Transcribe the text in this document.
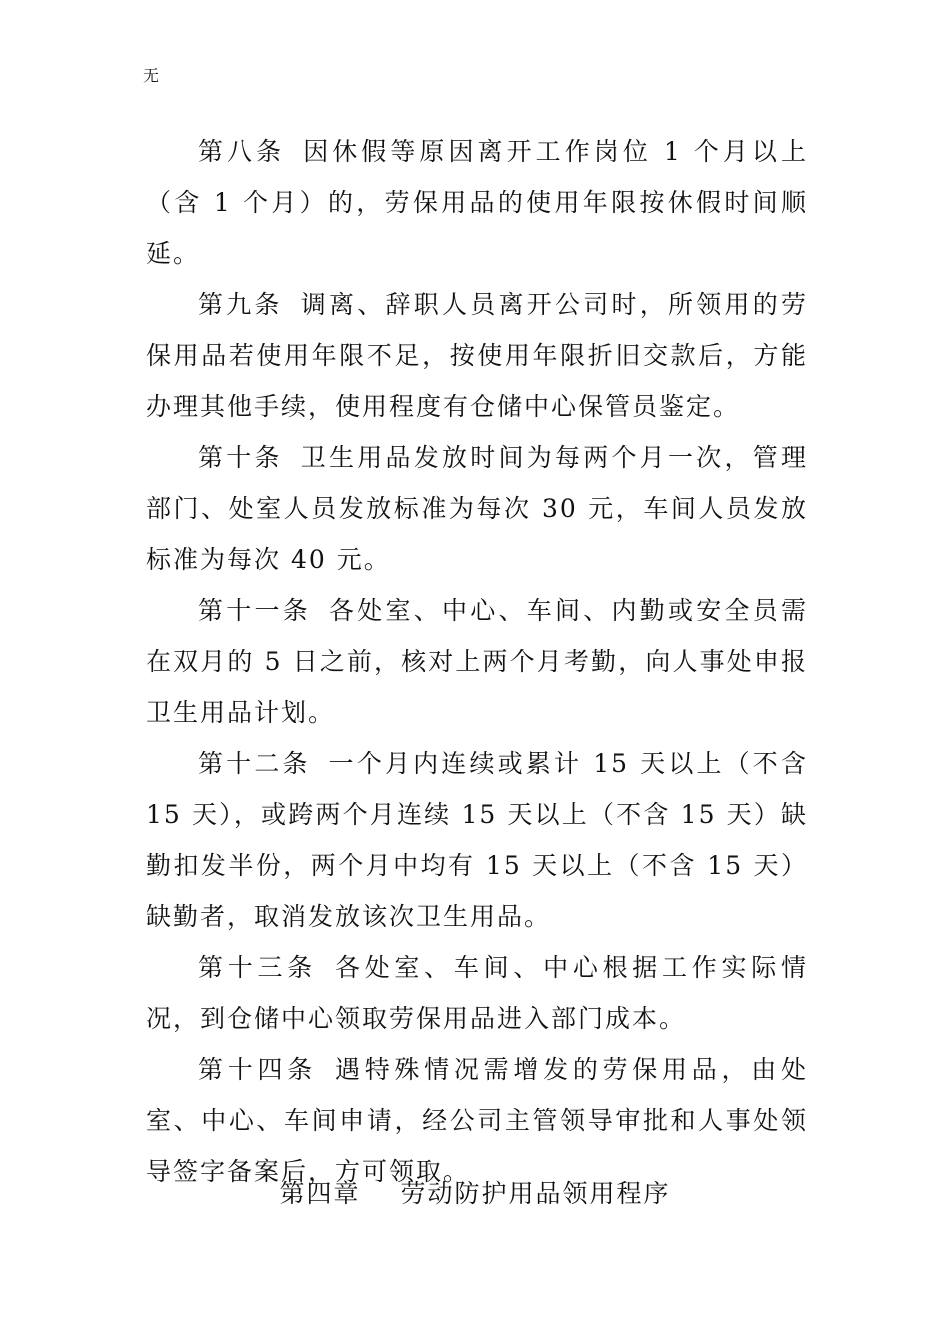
无

第八条 因休假等原因离开工作岗位 1 个月以上（含 1 个月）的，劳保用品的使用年限按休假时间顺延。

第九条 调离、辞职人员离开公司时，所领用的劳保用品若使用年限不足，按使用年限折旧交款后，方能办理其他手续，使用程度有仓储中心保管员鉴定。

第十条 卫生用品发放时间为每两个月一次，管理部门、处室人员发放标准为每次 30 元，车间人员发放标准为每次 40 元。

第十一条 各处室、中心、车间、内勤或安全员需在双月的 5 日之前，核对上两个月考勤，向人事处申报卫生用品计划。

第十二条 一个月内连续或累计 15 天以上（不含 15 天），或跨两个月连续 15 天以上（不含 15 天）缺勤扣发半份，两个月中均有 15 天以上（不含 15 天）缺勤者，取消发放该次卫生用品。

第十三条 各处室、车间、中心根据工作实际情况，到仓储中心领取劳保用品进入部门成本。

第十四条 遇特殊情况需增发的劳保用品，由处室、中心、车间申请，经公司主管领导审批和人事处领导签字备案后，方可领取。

第四章 劳动防护用品领用程序
